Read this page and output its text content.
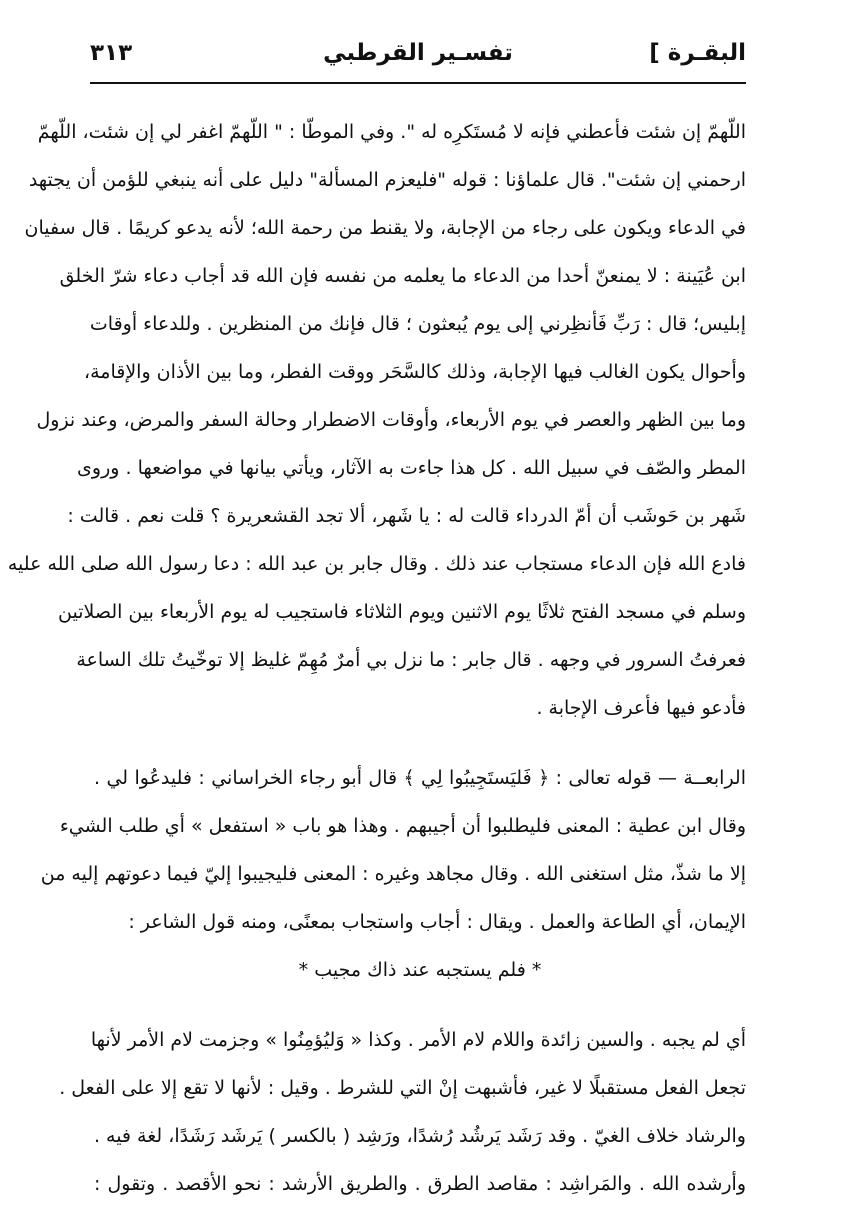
البقـرة ]
تفسـير القرطبي
٣١٣
اللّهمّ إن شئت فأعطني فإنه لا مُستَكرِه له ". وفي الموطّا : " اللّهمّ اغفر لي إن شئت، اللّهمّ
ارحمني إن شئت". قال علماؤنا : قوله "فليعزم المسألة" دليل على أنه ينبغي للؤمن أن يجتهد
في الدعاء ويكون على رجاء من الإجابة، ولا يقنط من رحمة الله؛ لأنه يدعو كريمًا . قال سفيان
ابن عُيَينة : لا يمنعنّ أحدا من الدعاء ما يعلمه من نفسه فإن الله قد أجاب دعاء شرّ الخلق
إبليس؛ قال : رَبِّ فَأنظِرني إلى يوم يُبعثون ؛ قال فإنك من المنظرين . وللدعاء أوقات
وأحوال يكون الغالب فيها الإجابة، وذلك كالسَّحَر ووقت الفطر، وما بين الأذان والإقامة،
وما بين الظهر والعصر في يوم الأربعاء، وأوقات الاضطرار وحالة السفر والمرض، وعند نزول
المطر والصّف في سبيل الله . كل هذا جاءت به الآثار، ويأتي بيانها في مواضعها . وروى
شَهر بن حَوشَب أن أمّ الدرداء قالت له : يا شَهر، ألا تجد القشعريرة ؟ قلت نعم . قالت :
فادع الله فإن الدعاء مستجاب عند ذلك . وقال جابر بن عبد الله : دعا رسول الله صلى الله عليه
وسلم في مسجد الفتح ثلاثًا يوم الاثنين ويوم الثلاثاء فاستجيب له يوم الأربعاء بين الصلاتين
فعرفتُ السرور في وجهه . قال جابر : ما نزل بي أمرٌ مُهِمّ غليظ إلا توخّيتُ تلك الساعة
فأدعو فيها فأعرف الإجابة .
الرابعــة — قوله تعالى : ﴿ فَليَستَجِيبُوا لِي ﴾ قال أبو رجاء الخراساني : فليدعُوا لي .
وقال ابن عطية : المعنى فليطلبوا أن أجيبهم . وهذا هو باب « استفعل » أي طلب الشيء
إلا ما شذّ، مثل استغنى الله . وقال مجاهد وغيره : المعنى فليجيبوا إليّ فيما دعوتهم إليه من
الإيمان، أي الطاعة والعمل . ويقال : أجاب واستجاب بمعنًى، ومنه قول الشاعر :
* فلم يستجبه عند ذاك مجيب *
أي لم يجبه . والسين زائدة واللام لام الأمر . وكذا « وَليُؤمِنُوا » وجزمت لام الأمر لأنها
تجعل الفعل مستقبلًا لا غير، فأشبهت إنْ التي للشرط . وقيل : لأنها لا تقع إلا على الفعل .
والرشاد خلاف الغيّ . وقد رَشَد يَرشُد رُشدًا، ورَشِد ( بالكسر ) يَرشَد رَشَدًا، لغة فيه .
وأرشده الله . والمَراشِد : مقاصد الطرق . والطريق الأرشد : نحو الأقصد . وتقول :
